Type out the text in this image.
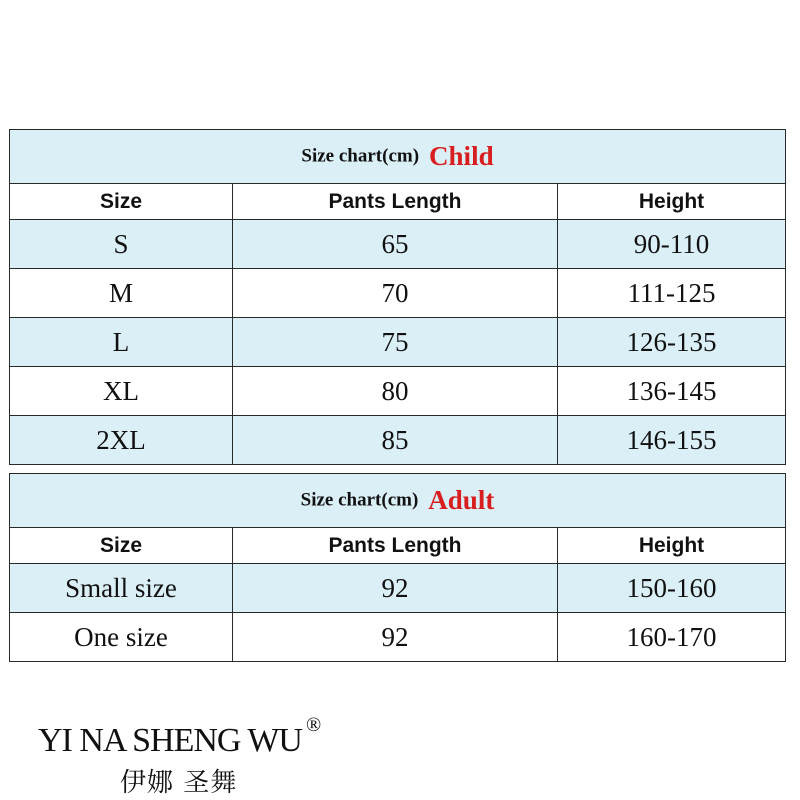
Size chart(cm) Child		
Size	Pants Length	Height
S	65	90-110
M	70	111-125
L	75	126-135
XL	80	136-145
2XL	85	146-155
Size chart(cm) Adult		
Size	Pants Length	Height
Small size	92	150-160
One size	92	160-170
YI NA SHENG WU ®
伊娜 圣舞
